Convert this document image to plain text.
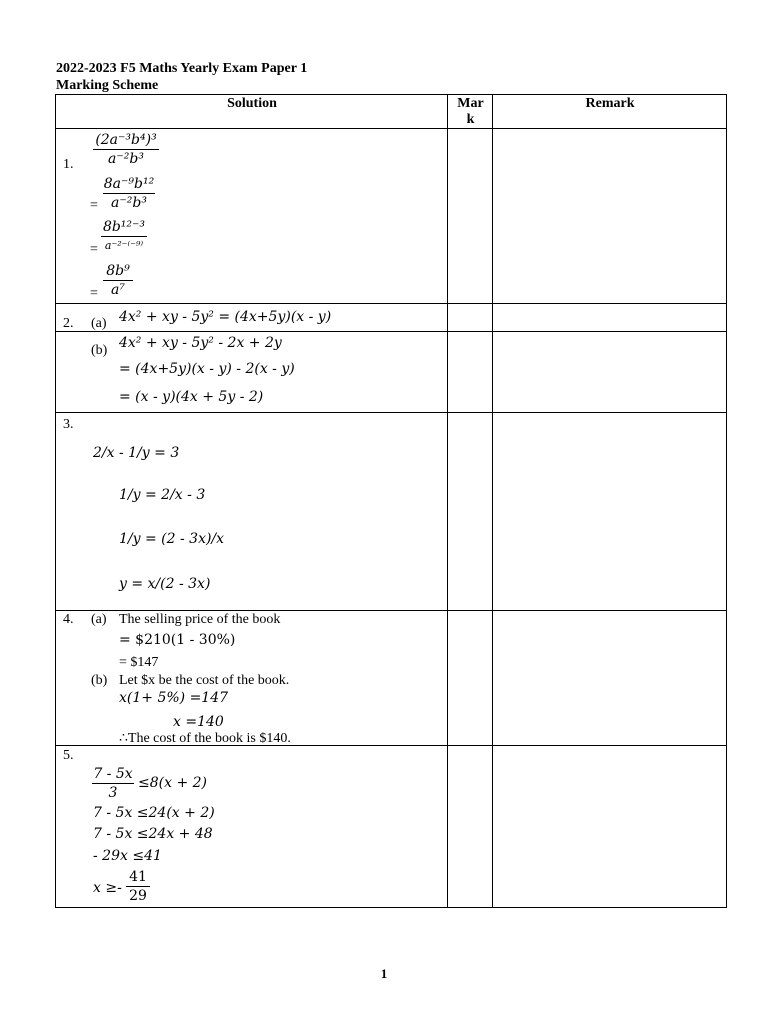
2022-2023 F5 Maths Yearly Exam Paper 1
Marking Scheme
Solution	Mar
k
Remark
1.
(2a⁻³b⁴)³
a⁻²b³
=
8a⁻⁹b¹²
a⁻²b³
=
8b¹²⁻³
a⁻²⁻⁽⁻⁹⁾
=
8b⁹
a⁷
2. (a) 4x² + xy - 5y² = (4x+5y)(x - y)
(b) 4x² + xy - 5y² - 2x + 2y
= (4x+5y)(x - y) - 2(x - y)
= (x - y)(4x + 5y - 2)
3.
2/x - 1/y = 3
1/y = 2/x - 3
1/y = (2 - 3x)/x
y = x/(2 - 3x)
4. (a) The selling price of the book
= $210(1 - 30%)
= $147
(b) Let $x be the cost of the book.
x(1+ 5%) =147
x =140
∴The cost of the book is $140.
5.
7 - 5x
3
≤8(x + 2)
7 - 5x ≤24(x + 2)
7 - 5x ≤24x + 48
- 29x ≤41
x ≥-
41
29
1
